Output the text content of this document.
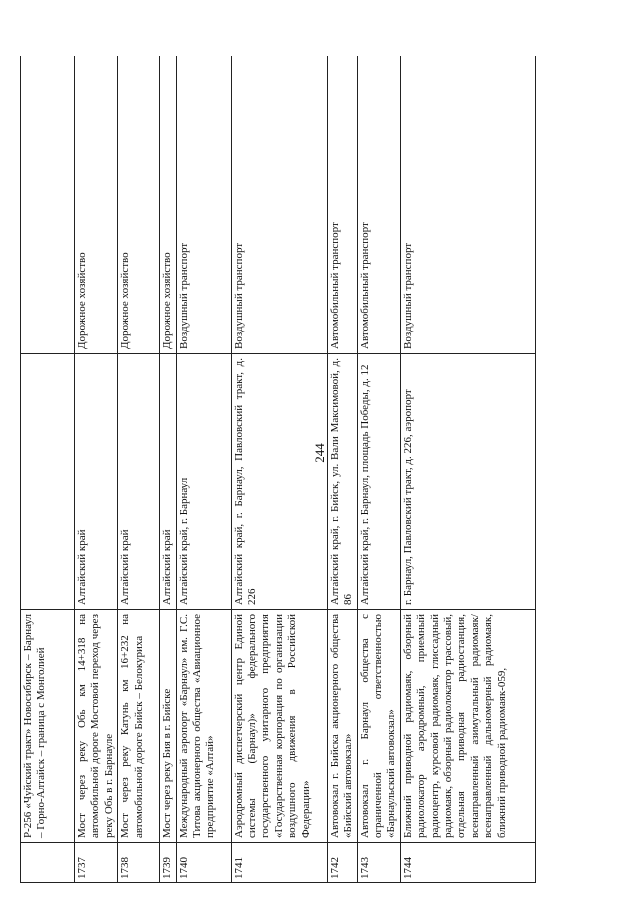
244
	Р-256 «Чуйский тракт» Новосибирск – Барнаул – Горно-Алтайск – граница с Монголией		
1737	Мост через реку Обь км 14+318 на автомобильной дороге Мостовой переход через реку Обь в г. Барнауле	Алтайский край	Дорожное хозяйство
1738	Мост через реку Катунь км 16+232 на автомобильной дороге Бийск – Белокуриха	Алтайский край	Дорожное хозяйство
1739	Мост через реку Бия в г. Бийске	Алтайский край	Дорожное хозяйство
1740	Международный аэропорт «Барнаул» им. Г.С. Титова акционерного общества «Авиационное предприятие «Алтай»	Алтайский край, г. Барнаул	Воздушный транспорт
1741	Аэродромный диспетчерский центр Единой системы (Барнаул)» федерального государственного унитарного предприятия «Государственная корпорация по организации воздушного движения в Российской Федерации»	Алтайский край, г. Барнаул, Павловский тракт, д. 226	Воздушный транспорт
1742	Автовокзал г. Бийска акционерного общества «Бийский автовокзал»	Алтайский край, г. Бийск, ул. Вали Максимовой, д. 86	Автомобильный транспорт
1743	Автовокзал г. Барнаул общества с ограниченной ответственностью «Барнаульский автовокзал»	Алтайский край, г. Барнаул, площадь Победы, д. 12	Автомобильный транспорт
1744	Ближний приводной радиомаяк, обзорный радиолокатор аэродромный, приемный радиоцентр, курсовой радиомаяк, глиссадный радиомаяк, обзорный радиолокатор трассовый, отдельная приводная радиостанция, всенаправленный азимутальный радиомаяк/всенаправленный дальномерный радиомаяк, ближний приводной радиомаяк-059,	г. Барнаул, Павловский тракт, д. 226, аэропорт	Воздушный транспорт
